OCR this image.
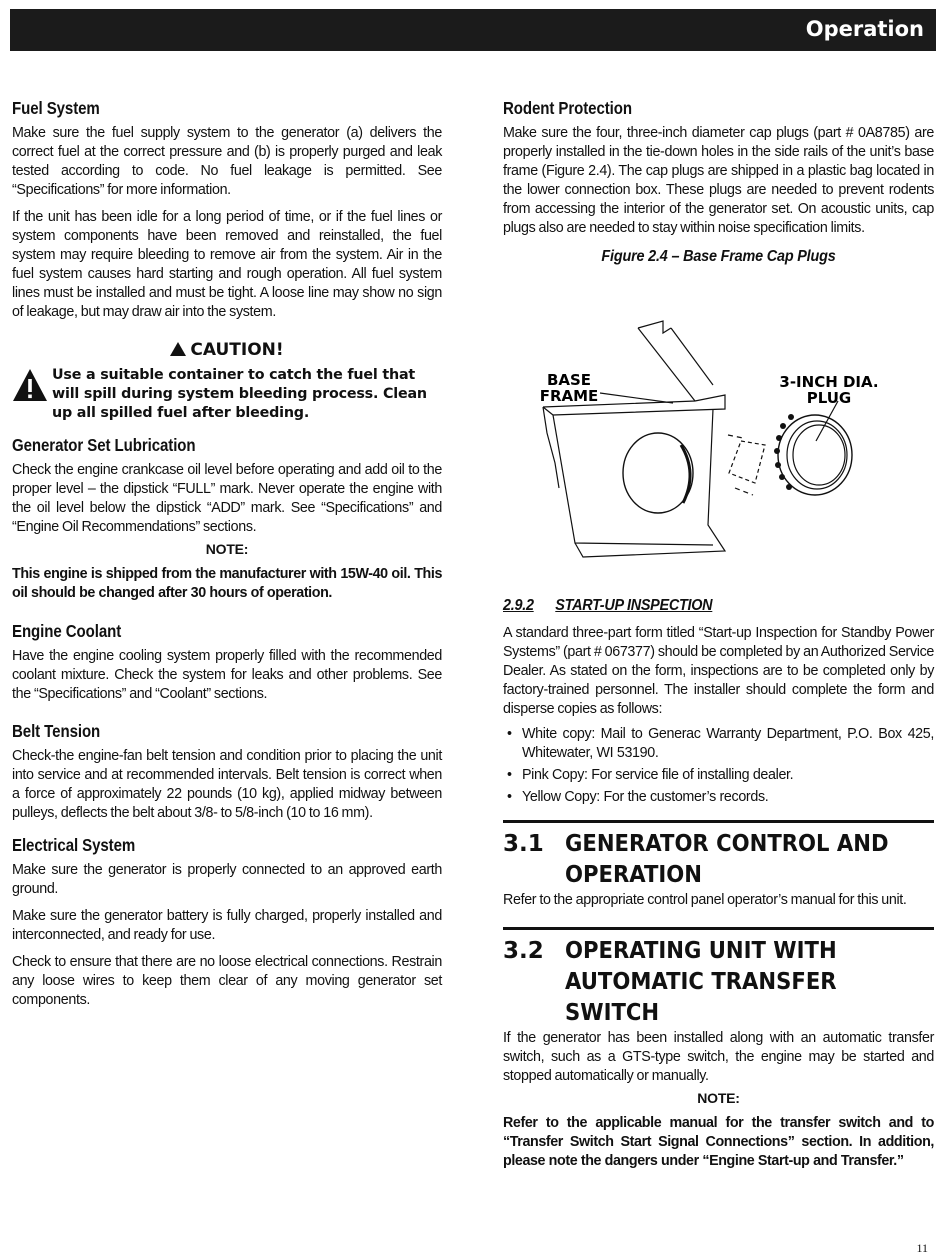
Operation
Fuel System

Make sure the fuel supply system to the generator (a) delivers the correct fuel at the correct pressure and (b) is properly purged and leak tested according to code. No fuel leakage is permitted. See “Specifications” for more information.

If the unit has been idle for a long period of time, or if the fuel lines or system components have been removed and reinstalled, the fuel system may require bleeding to remove air from the system. Air in the fuel system causes hard starting and rough operation. All fuel system lines must be installed and must be tight. A loose line may show no sign of leakage, but may draw air into the system.

CAUTION!
Use a suitable container to catch the fuel that will spill during system bleeding process. Clean up all spilled fuel after bleeding.
Generator Set Lubrication

Check the engine crankcase oil level before operating and add oil to the proper level – the dipstick “FULL” mark. Never operate the engine with the oil level below the dipstick “ADD” mark. See “Specifications” and “Engine Oil Recommendations” sections.

NOTE:
This engine is shipped from the manufacturer with 15W-40 oil. This oil should be changed after 30 hours of operation.
Engine Coolant

Have the engine cooling system properly filled with the recommended coolant mixture. Check the system for leaks and other problems. See the “Specifications” and “Coolant” sections.

Belt Tension

Check-the engine-fan belt tension and condition prior to placing the unit into service and at recommended intervals. Belt tension is correct when a force of approximately 22 pounds (10 kg), applied midway between pulleys, deflects the belt about 3/8- to 5/8-inch (10 to 16 mm).

Electrical System

Make sure the generator is properly connected to an approved earth ground.

Make sure the generator battery is fully charged, properly installed and interconnected, and ready for use.

Check to ensure that there are no loose electrical connections. Restrain any loose wires to keep them clear of any moving generator set components.

Rodent Protection

Make sure the four, three-inch diameter cap plugs (part # 0A8785) are properly installed in the tie-down holes in the side rails of the unit’s base frame (Figure 2.4). The cap plugs are shipped in a plastic bag located in the lower connection box. These plugs are needed to prevent rodents from accessing the interior of the generator set. On acoustic units, cap plugs also are needed to stay within noise specification limits.

Figure 2.4 – Base Frame Cap Plugs
BASE
FRAME
3-INCH DIA.
PLUG
2.9.2 START-UP INSPECTION

A standard three-part form titled “Start-up Inspection for Standby Power Systems” (part # 067377) should be completed by an Authorized Service Dealer. As stated on the form, inspections are to be completed only by factory-trained personnel. The installer should complete the form and disperse copies as follows:

• White copy: Mail to Generac Warranty Department, P.O. Box 425, Whitewater, WI 53190.
• Pink Copy: For service file of installing dealer.
• Yellow Copy: For the customer’s records.
3.1 GENERATOR CONTROL AND OPERATION

Refer to the appropriate control panel operator’s manual for this unit.

3.2 OPERATING UNIT WITH AUTOMATIC TRANSFER SWITCH

If the generator has been installed along with an automatic transfer switch, such as a GTS-type switch, the engine may be started and stopped automatically or manually.

NOTE:
Refer to the applicable manual for the transfer switch and to “Transfer Switch Start Signal Connections” section. In addition, please note the dangers under “Engine Start-up and Transfer.”
11
